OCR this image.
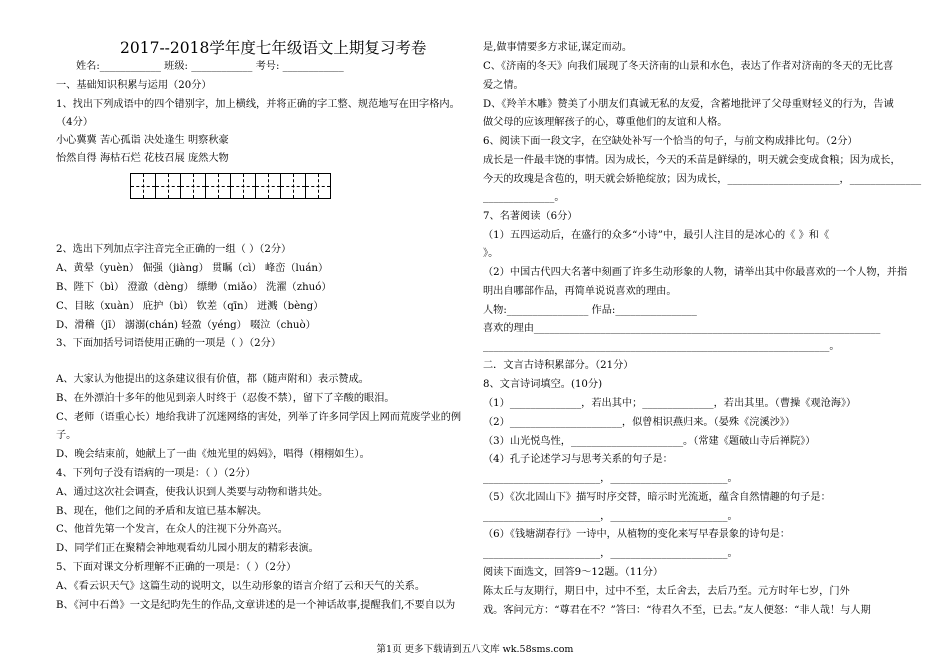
2017--2018学年度七年级语文上期复习考卷
姓名:____________ 班级: ____________ 考号: ____________
一、基础知识积累与运用（20分）
1、找出下列成语中的四个错别字，加上横线，并将正确的字工整、规范地写在田字格内。
（4分）
小心冀冀 苦心孤诣 决处逢生 明察秋豪
怡然自得 海枯石烂 花枝召展 庞然大物
2、选出下列加点字注音完全正确的一组（ ）（2分）
A、黄晕（yuèn） 倔强（jiàng） 贯瞩（cì） 峰峦（luán）
B、陛下（bì） 澄澈（dèng） 缥缈（miǎo） 洗濯（zhuó）
C、目眩（xuàn） 庇护（bì） 钦差（qīn） 迸溅（bèng）
D、滑稽（jī） 溺溺(chán) 轻盈（yéng） 啜泣（chuò）
3、下面加括号词语使用正确的一项是（ ）（2分）
A、大家认为他提出的这条建议很有价值，都（随声附和）表示赞成。
B、在外漂泊十多年的他见到亲人时终于（忍俊不禁），留下了辛酸的眼泪。
C、老师（语重心长）地给我讲了沉迷网络的害处，列举了许多同学因上网而荒废学业的例
子。
D、晚会结束前，她献上了一曲《烛光里的妈妈》，唱得（栩栩如生）。
4、下列句子没有语病的一项是：（ ）（2分）
A、通过这次社会调查，使我认识到人类要与动物和谐共处。
B、现在，他们之间的矛盾和友谊已基本解决。
C、他首先第一个发言，在众人的注视下分外高兴。
D、同学们正在聚精会神地观看幼儿园小朋友的精彩表演。
5、下面对课文分析理解不正确的一项是：（ ）（2分）
A、《看云识天气》这篇生动的说明文，以生动形象的语言介绍了云和天气的关系。
B、《河中石兽》一文是纪昀先生的作品,文章讲述的是一个神话故事,提醒我们,不要自以为
是,做事情要多方求证,谋定而动。
C、《济南的冬天》向我们展现了冬天济南的山景和水色，表达了作者对济南的冬天的无比喜
爱之情。
D、《羚羊木雕》赞美了小朋友们真诚无私的友爱，含蓄地批评了父母重财轻义的行为，告诫
做父母的应该理解孩子的心，尊重他们的友谊和人格。
6、阅读下面一段文字，在空缺处补写一个恰当的句子，与前文构成排比句。（2分）
成长是一件最丰饶的事情。因为成长，今天的禾苗是鲜绿的，明天就会变成食粮；因为成长，
今天的玫瑰是含苞的，明天就会娇艳绽放；因为成长，______________________，______________
______________。
7、名著阅读（6分）
（1）五四运动后，在盛行的众多“小诗”中，最引人注目的是冰心的《 》和《
》。
（2）中国古代四大名著中刻画了许多生动形象的人物，请举出其中你最喜欢的一个人物，并指
明出自哪部作品，再简单说说喜欢的理由。
人物:________________ 作品:________________
喜欢的理由____________________________________________________________________
____________________________________________________________________。
二．文言古诗积累部分。（21分）
8、文言诗词填空。(10分)
（1）______________，若出其中；______________，若出其里。（曹操《观沧海》）
（2）______________________，似曾相识燕归来。（晏殊《浣溪沙》）
（3）山光悦鸟性，______________________。（常建《题破山寺后禅院》）
（4）孔子论述学习与思考关系的句子是：
_______________________，_______________________。
（5）《次北固山下》描写时序交替，暗示时光流逝，蕴含自然情趣的句子是：
_______________________，_______________________。
（6）《钱塘湖春行》一诗中，从植物的变化来写早春景象的诗句是：
_______________________，_______________________。
阅读下面选文，回答9～12题。（11分）
陈太丘与友期行，期日中，过中不至，太丘舍去，去后乃至。元方时年七岁，门外
戏。客问元方：“尊君在不？”答曰：“待君久不至，已去。”友人便怒：“非人哉！与人期
第1页 更多下载请到五八文库 wk.58sms.com
